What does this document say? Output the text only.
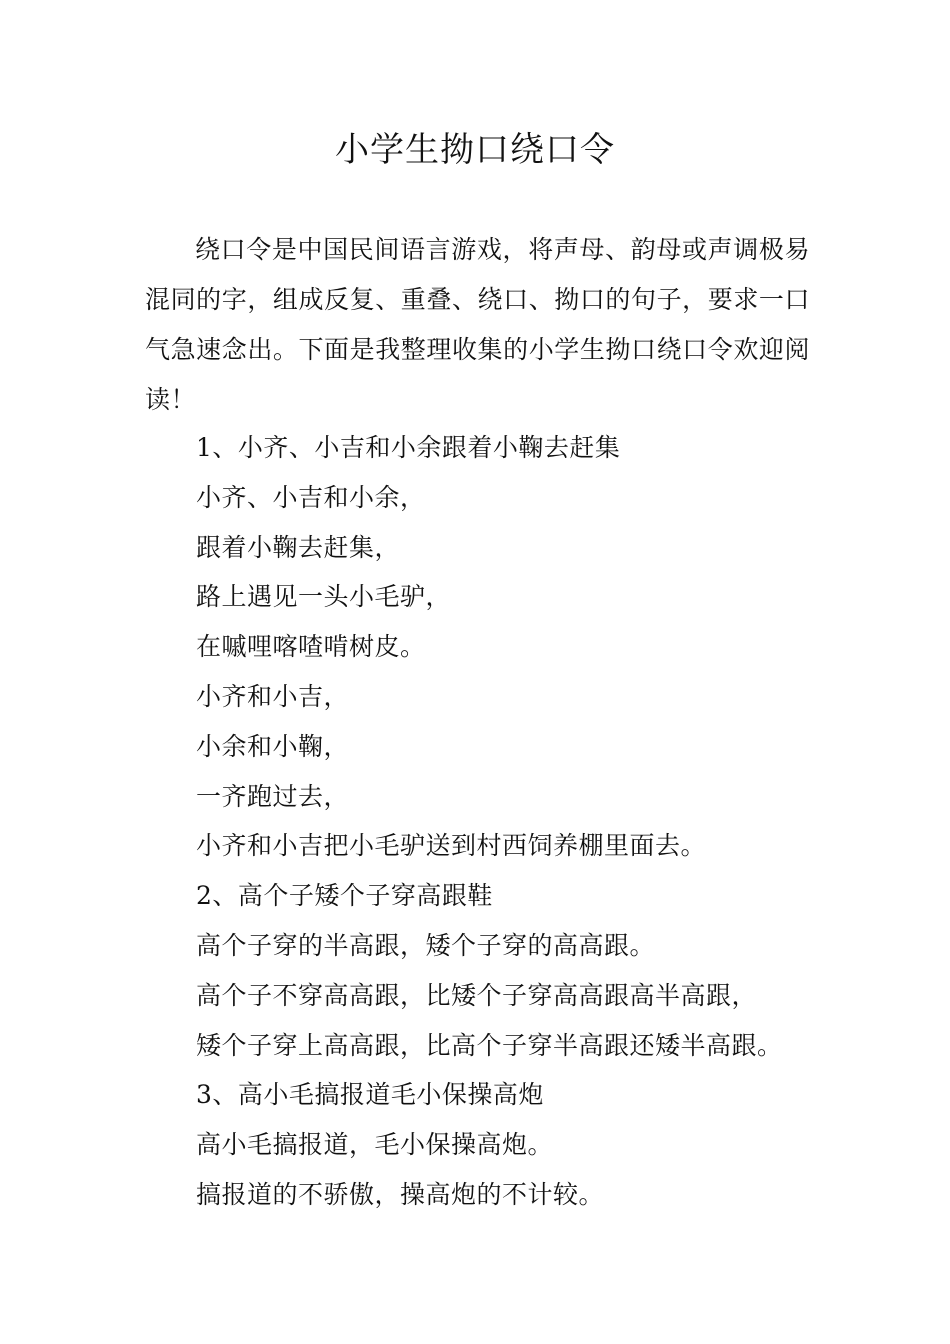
小学生拗口绕口令

绕口令是中国民间语言游戏，将声母、韵母或声调极易混同的字，组成反复、重叠、绕口、拗口的句子，要求一口气急速念出。下面是我整理收集的小学生拗口绕口令欢迎阅读！

1、小齐、小吉和小余跟着小鞠去赶集
小齐、小吉和小余，
跟着小鞠去赶集，
路上遇见一头小毛驴，
在嘁哩喀喳啃树皮。
小齐和小吉，
小余和小鞠，
一齐跑过去，
小齐和小吉把小毛驴送到村西饲养棚里面去。
2、高个子矮个子穿高跟鞋
高个子穿的半高跟，矮个子穿的高高跟。
高个子不穿高高跟，比矮个子穿高高跟高半高跟，
矮个子穿上高高跟，比高个子穿半高跟还矮半高跟。
3、高小毛搞报道毛小保操高炮
高小毛搞报道，毛小保操高炮。
搞报道的不骄傲，操高炮的不计较。
